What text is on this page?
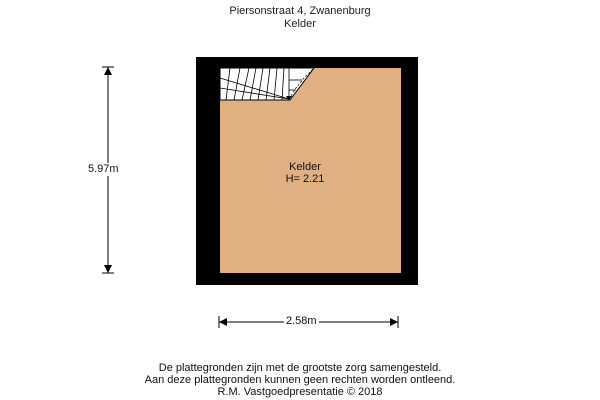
Piersonstraat 4, Zwanenburg
Kelder
Kelder
H= 2.21
5.97m
2.58m
De plattegronden zijn met de grootste zorg samengesteld.
Aan deze plattegronden kunnen geen rechten worden ontleend.
R.M. Vastgoedpresentatie © 2018
